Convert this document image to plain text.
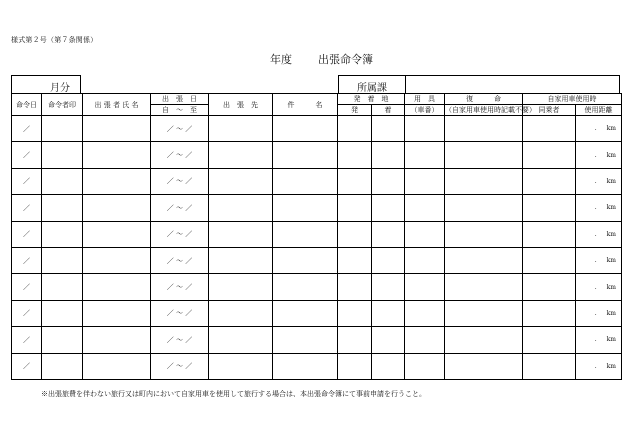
様式第２号（第７条関係）
年度 出張命令簿
月分	所属課
命令日	命令者印	出 張 者 氏 名	出　張　日	出　張　先	件　　　名	発　着　地		用　具	復　　　命	自家用車使用時	
			自　～　至			発	着	（車番）	（自家用車使用時記載不要）	同乗者	使用距離
／			／ ～ ／								. km
／			／ ～ ／								. km
／			／ ～ ／								. km
／			／ ～ ／								. km
／			／ ～ ／								. km
／			／ ～ ／								. km
／			／ ～ ／								. km
／			／ ～ ／								. km
／			／ ～ ／								. km
／			／ ～ ／								. km
※出張旅費を伴わない旅行又は町内において自家用車を使用して旅行する場合は、本出張命令簿にて事前申請を行うこと。
